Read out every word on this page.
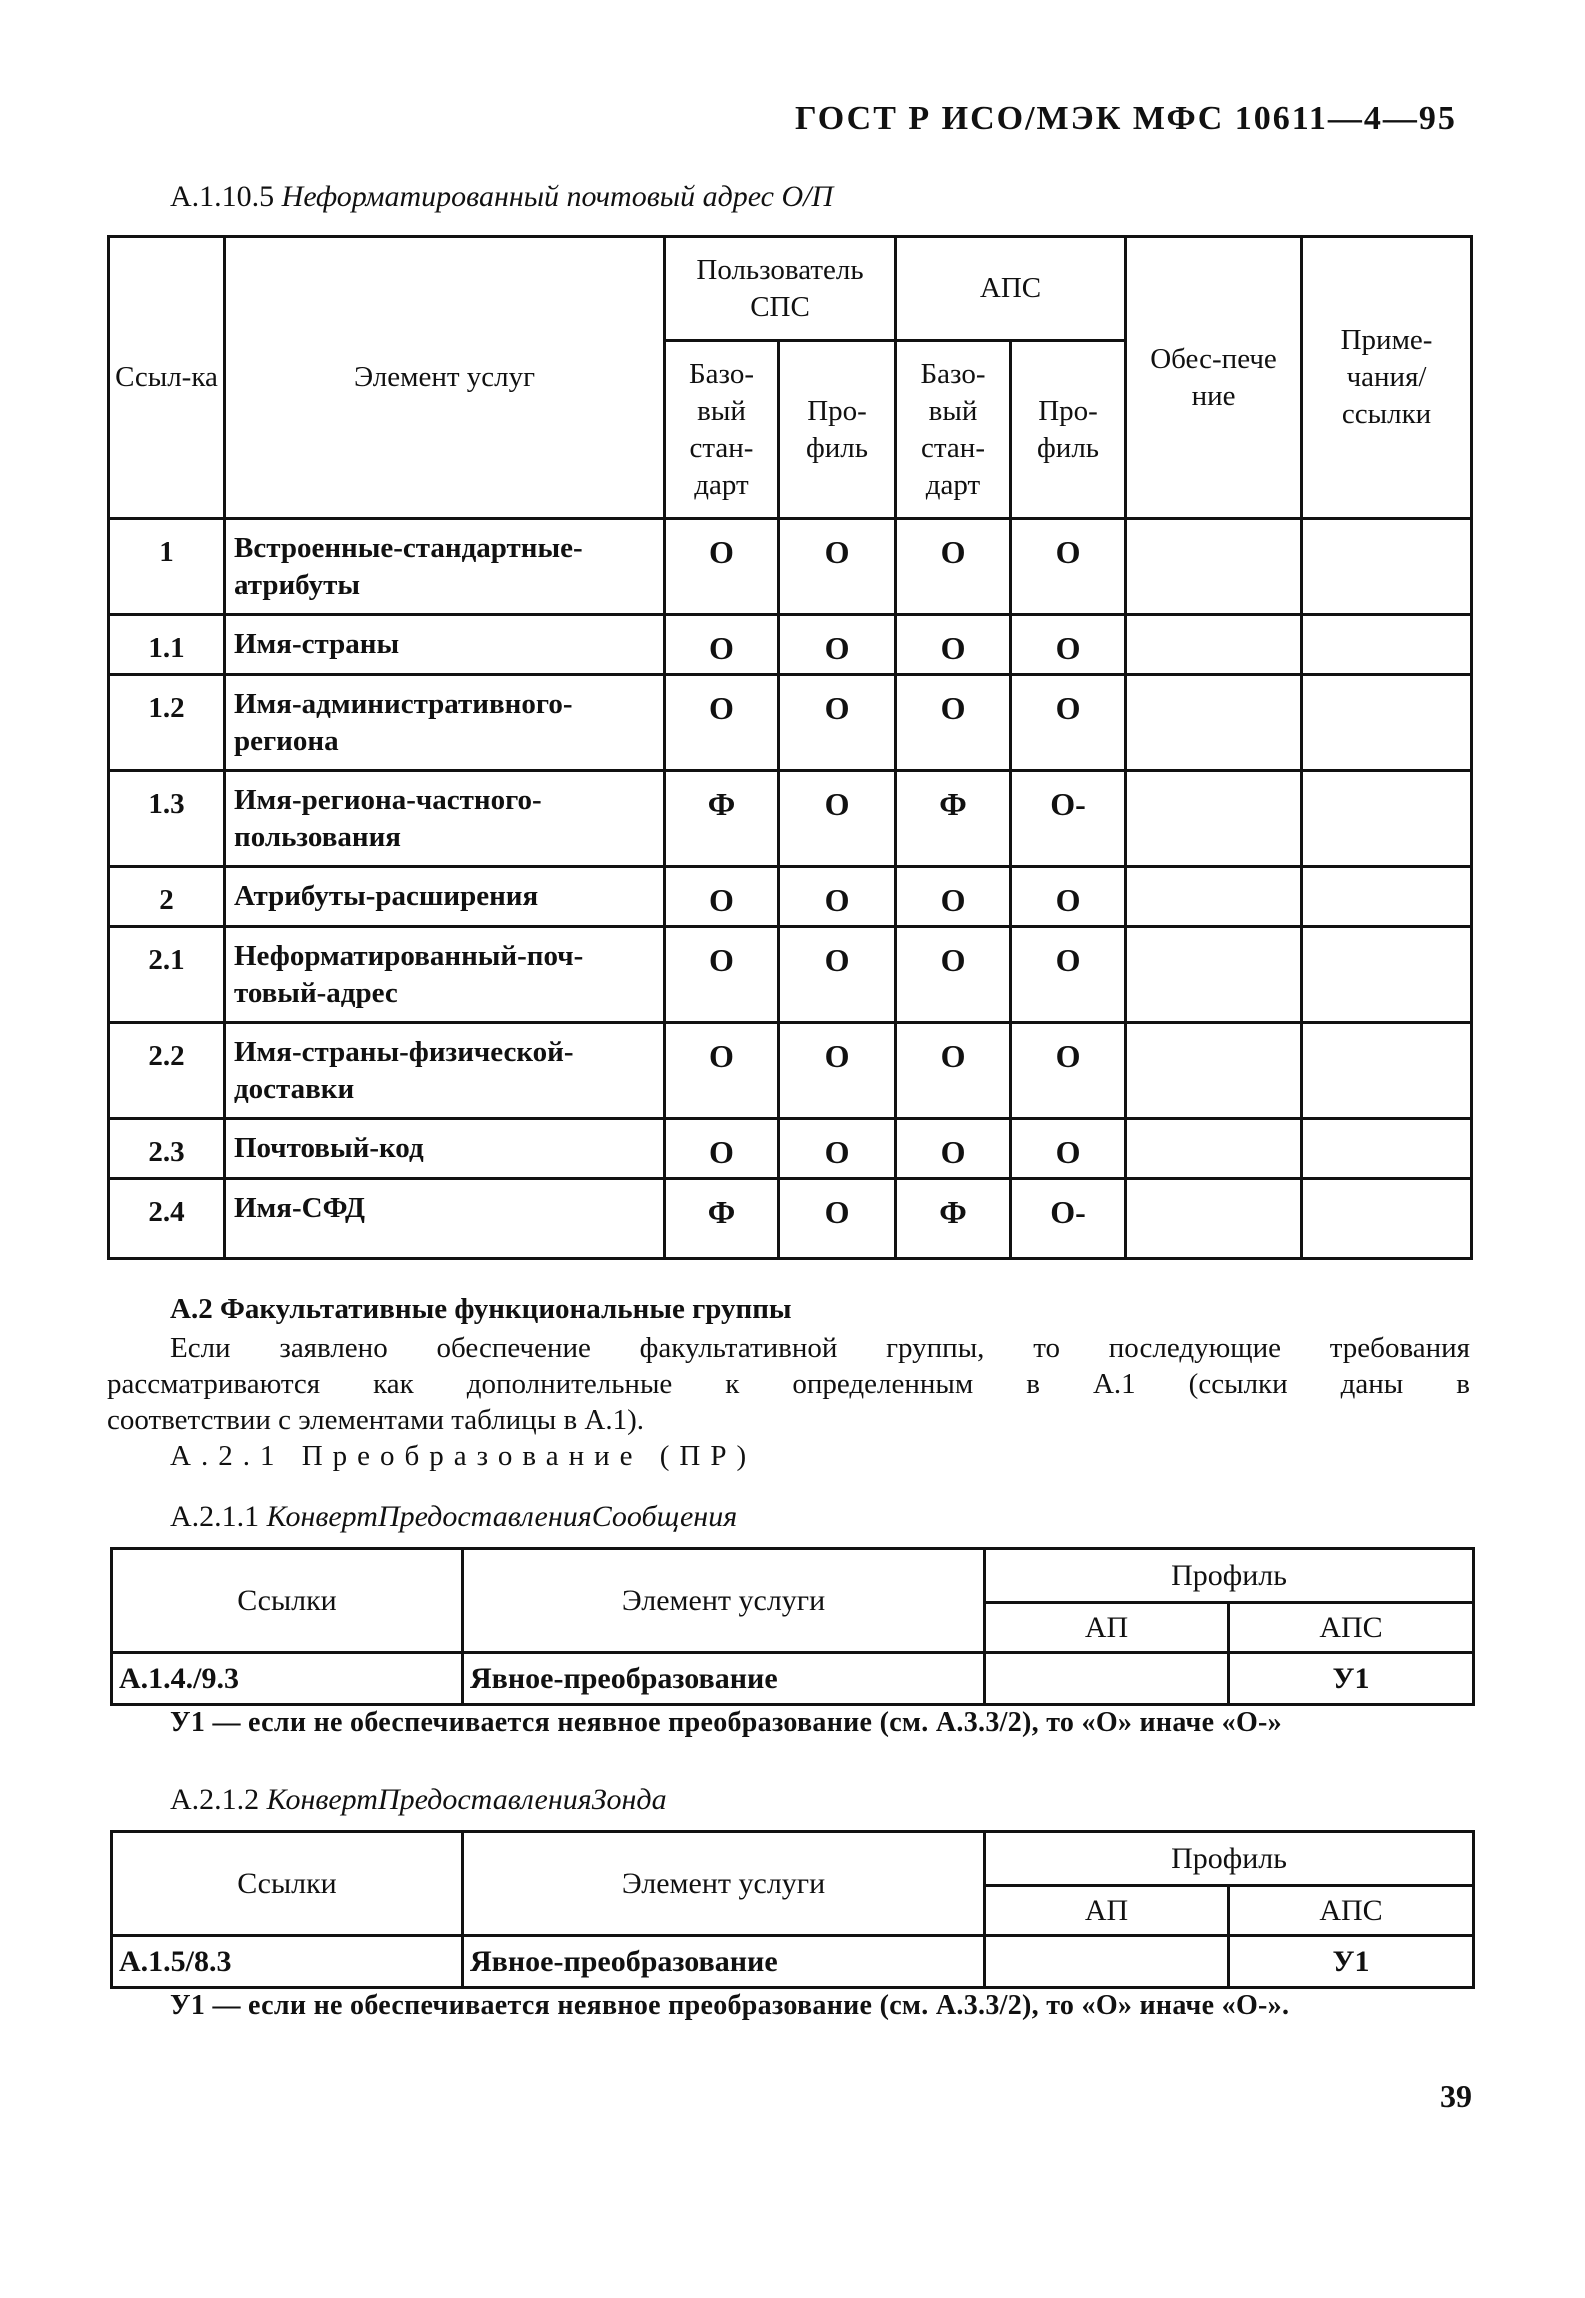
ГОСТ Р ИСО/МЭК МФС 10611—4—95
А.1.10.5 Неформатированный почтовый адрес О/П
Ссыл-ка	Элемент услуг	Пользователь СПС		АПС		Обес-пече ние	Приме-чания/ ссылки
		Базо-вый стан-дарт	Про-филь	Базо-вый стан-дарт	Про-филь		
1	Встроенные-стандартные-атрибуты	О	О	О	О		
1.1	Имя-страны	О	О	О	О		
1.2	Имя-административного-региона	О	О	О	О		
1.3	Имя-региона-частного-пользования	Ф	О	Ф	О-		
2	Атрибуты-расширения	О	О	О	О		
2.1	Неформатированный-поч-товый-адрес	О	О	О	О		
2.2	Имя-страны-физической-доставки	О	О	О	О		
2.3	Почтовый-код	О	О	О	О		
2.4	Имя-СФД	Ф	О	Ф	О-		
А.2 Факультативные функциональные группы
Если заявлено обеспечение факультативной группы, то последующие требования
рассматриваются как дополнительные к определенным в А.1 (ссылки даны в
соответствии с элементами таблицы в А.1).
А.2.1 Преобразование (ПР)
А.2.1.1 КонвертПредоставленияСообщения
Ссылки	Элемент услуги	Профиль	
		АП	АПС
А.1.4./9.3	Явное-преобразование		У1
У1 — если не обеспечивается неявное преобразование (см. А.3.3/2), то «О» иначе «О-»
А.2.1.2 КонвертПредоставленияЗонда
Ссылки	Элемент услуги	Профиль	
		АП	АПС
А.1.5/8.3	Явное-преобразование		У1
У1 — если не обеспечивается неявное преобразование (см. А.3.3/2), то «О» иначе «О-».
39
